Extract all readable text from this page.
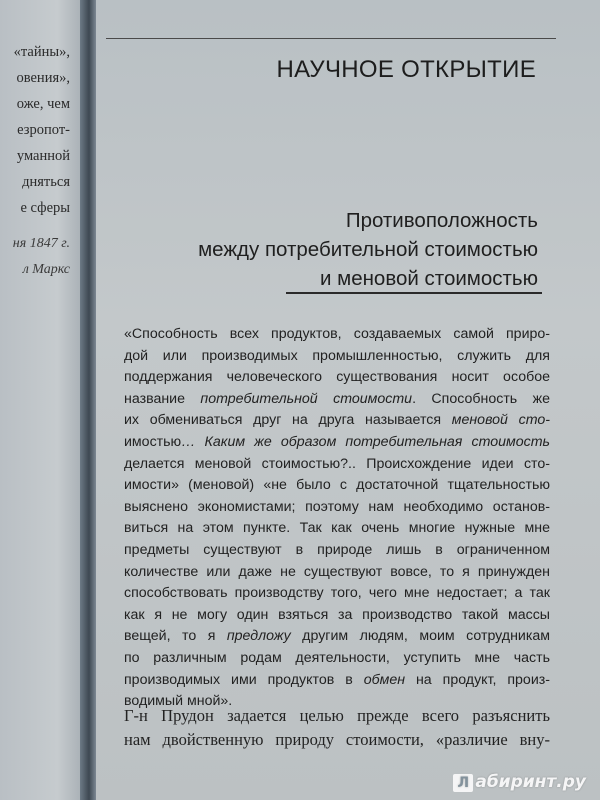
«тайны»,
овения»,
оже, чем
езропот-
уманной
дняться
е сферы
ня 1847 г.
л Маркс
НАУЧНОЕ ОТКРЫТИЕ
Противоположность
между потребительной стоимостью
и меновой стоимостью
«Способность всех продуктов, создаваемых самой приро-
дой или производимых промышленностью, служить для
поддержания человеческого существования носит особое
название потребительной стоимости. Способность же
их обмениваться друг на друга называется меновой сто-
имостью… Каким же образом потребительная стоимость
делается меновой стоимостью?.. Происхождение идеи сто-
имости» (меновой) «не было с достаточной тщательностью
выяснено экономистами; поэтому нам необходимо останов-
виться на этом пункте. Так как очень многие нужные мне
предметы существуют в природе лишь в ограниченном
количестве или даже не существуют вовсе, то я принужден
способствовать производству того, чего мне недостает; а так
как я не могу один взяться за производство такой массы
вещей, то я предложу другим людям, моим сотрудникам
по различным родам деятельности, уступить мне часть
производимых ими продуктов в обмен на продукт, произ-
водимый мной».
Г-н Прудон задается целью прежде всего разъяснить
нам двойственную природу стоимости, «различие вну-
Л абиринт.ру
